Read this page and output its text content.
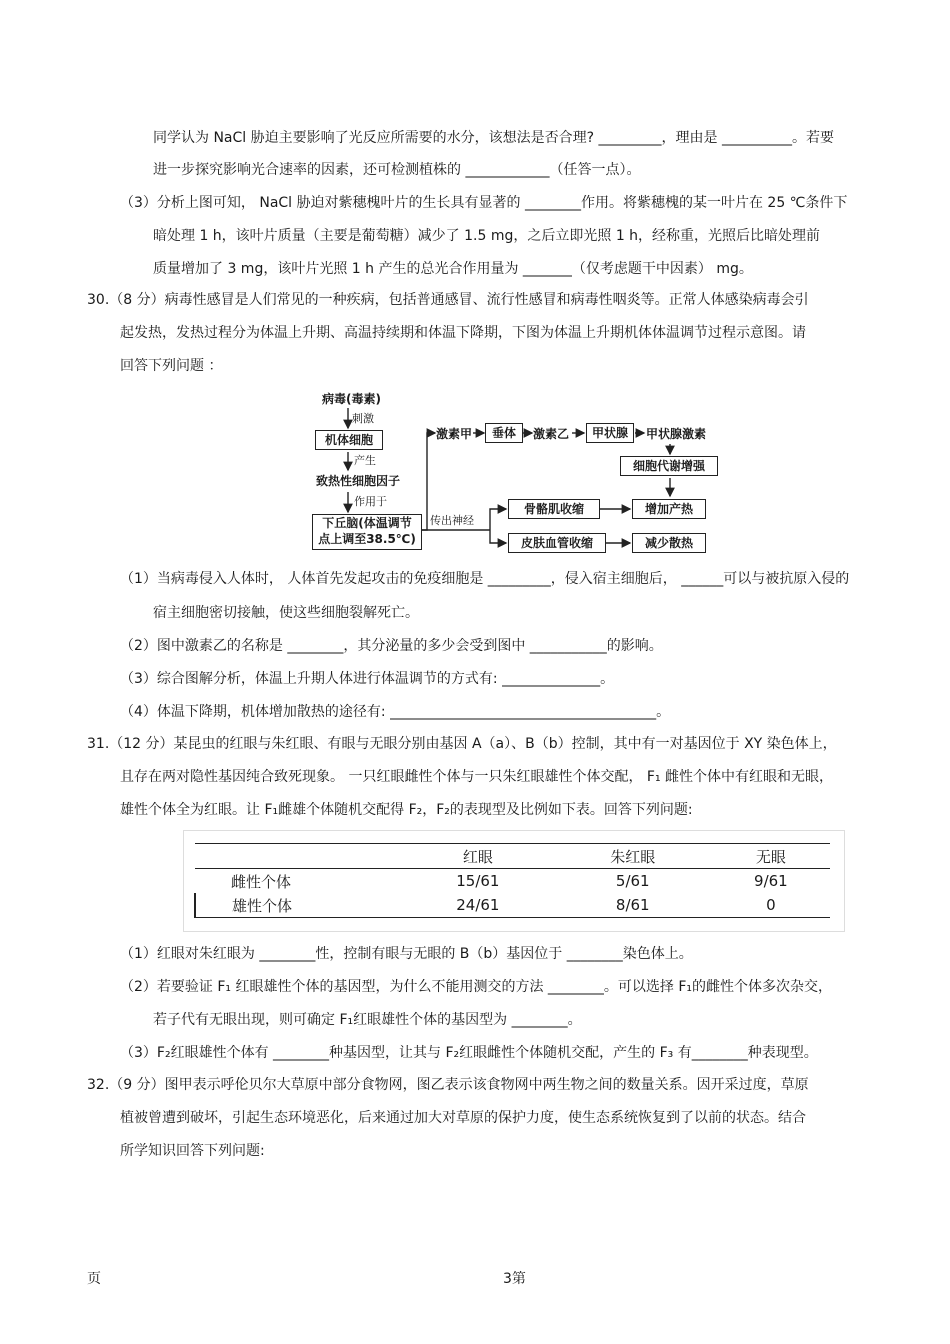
同学认为 NaCl 胁迫主要影响了光反应所需要的水分，该想法是否合理? _________，理由是 __________。若要
进一步探究影响光合速率的因素，还可检测植株的 ____________（任答一点）。
（3）分析上图可知， NaCl 胁迫对紫穗槐叶片的生长具有显著的 ________作用。将紫穗槐的某一叶片在 25 ℃条件下
暗处理 1 h，该叶片质量（主要是葡萄糖）减少了 1.5 mg，之后立即光照 1 h，经称重，光照后比暗处理前
质量增加了 3 mg，该叶片光照 1 h 产生的总光合作用量为 _______（仅考虑题干中因素） mg。
30.（8 分）病毒性感冒是人们常见的一种疾病，包括普通感冒、流行性感冒和病毒性咽炎等。正常人体感染病毒会引
起发热，发热过程分为体温上升期、高温持续期和体温下降期，下图为体温上升期机体体温调节过程示意图。请
回答下列问题 ：
病毒(毒素)
刺激
机体细胞
产生
致热性细胞因子
作用于
下丘脑(体温调节
点上调至38.5℃)
激素甲	垂体	激素乙	甲状腺	甲状腺激素
细胞代谢增强
传出神经
骨骼肌收缩
皮肤血管收缩
增加产热
减少散热
（1）当病毒侵入人体时， 人体首先发起攻击的免疫细胞是 _________，侵入宿主细胞后， ______可以与被抗原入侵的
宿主细胞密切接触，使这些细胞裂解死亡。
（2）图中激素乙的名称是 ________，其分泌量的多少会受到图中 ___________的影响。
（3）综合图解分析，体温上升期人体进行体温调节的方式有: ______________。
（4）体温下降期，机体增加散热的途径有: ______________________________________。
31.（12 分）某昆虫的红眼与朱红眼、有眼与无眼分别由基因 A（a）、B（b）控制，其中有一对基因位于 XY 染色体上，
且存在两对隐性基因纯合致死现象。 一只红眼雌性个体与一只朱红眼雄性个体交配， F₁ 雌性个体中有红眼和无眼，
雄性个体全为红眼。让 F₁雌雄个体随机交配得 F₂，F₂的表现型及比例如下表。回答下列问题:
	红眼	朱红眼	无眼
雌性个体	15/61	5/61	9/61
雄性个体	24/61	8/61	0
（1）红眼对朱红眼为 ________性，控制有眼与无眼的 B（b）基因位于 ________染色体上。
（2）若要验证 F₁ 红眼雄性个体的基因型，为什么不能用测交的方法 ________。可以选择 F₁的雌性个体多次杂交，
若子代有无眼出现，则可确定 F₁红眼雄性个体的基因型为 ________。
（3）F₂红眼雄性个体有 ________种基因型，让其与 F₂红眼雌性个体随机交配，产生的 F₃ 有________种表现型。
32.（9 分）图甲表示呼伦贝尔大草原中部分食物网，图乙表示该食物网中两生物之间的数量关系。因开采过度，草原
植被曾遭到破坏，引起生态环境恶化，后来通过加大对草原的保护力度，使生态系统恢复到了以前的状态。结合
所学知识回答下列问题:
页	3第
